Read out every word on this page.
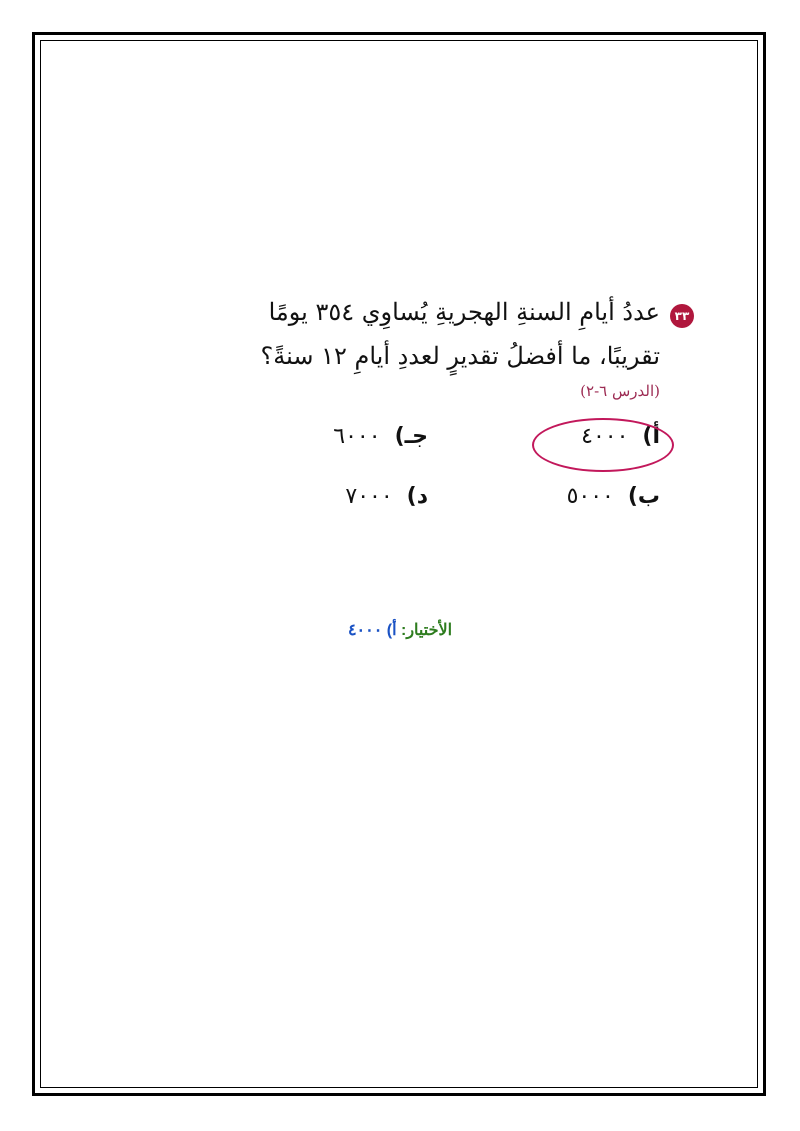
٣٣
عددُ أيامِ السنةِ الهجريةِ يُساوِي ٣٥٤ يومًا
تقريبًا، ما أفضلُ تقديرٍ لعددِ أيامِ ١٢ سنةً؟
(الدرس ٦-٢)
أ)
٤٠٠٠
جـ)
٦٠٠٠
ب)
٥٠٠٠
د)
٧٠٠٠
الأختيار: أ) ٤٠٠٠
